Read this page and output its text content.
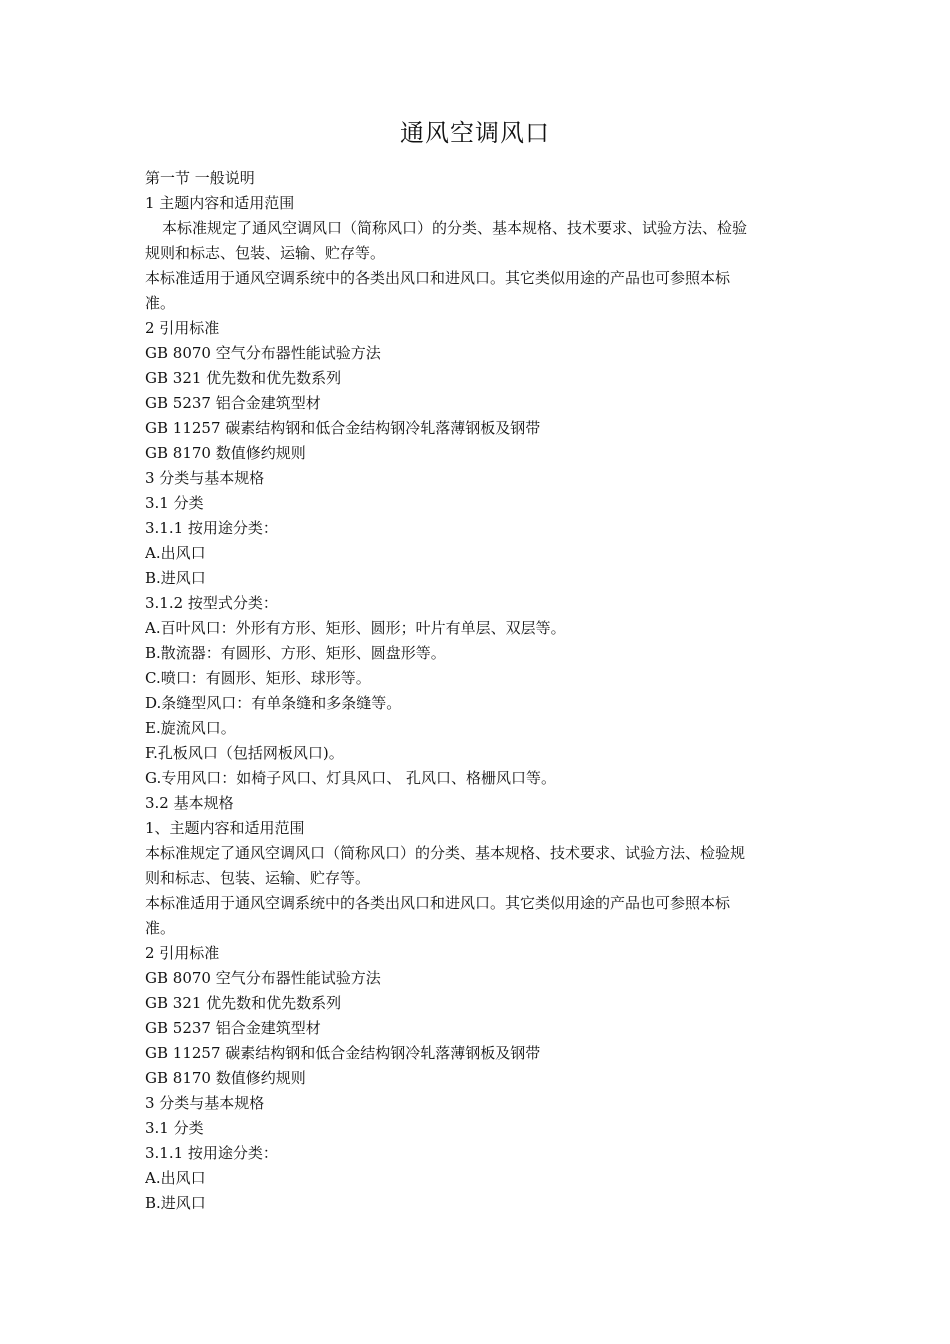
通风空调风口
第一节 一般说明
1 主题内容和适用范围
本标准规定了通风空调风口（简称风口）的分类、基本规格、技术要求、试验方法、检验
规则和标志、包装、运输、贮存等。
本标准适用于通风空调系统中的各类出风口和进风口。其它类似用途的产品也可参照本标
准。
2 引用标准
GB 8070 空气分布器性能试验方法
GB 321 优先数和优先数系列
GB 5237 铝合金建筑型材
GB 11257 碳素结构钢和低合金结构钢冷轧落薄钢板及钢带
GB 8170 数值修约规则
3 分类与基本规格
3.1 分类
3.1.1 按用途分类：
A.出风口
B.进风口
3.1.2 按型式分类：
A.百叶风口：外形有方形、矩形、圆形；叶片有单层、双层等。
B.散流器：有圆形、方形、矩形、圆盘形等。
C.喷口：有圆形、矩形、球形等。
D.条缝型风口：有单条缝和多条缝等。
E.旋流风口。
F.孔板风口（包括网板风口)。
G.专用风口：如椅子风口、灯具风口、 孔风口、格栅风口等。
3.2 基本规格
1、主题内容和适用范围
本标准规定了通风空调风口（简称风口）的分类、基本规格、技术要求、试验方法、检验规
则和标志、包装、运输、贮存等。
本标准适用于通风空调系统中的各类出风口和进风口。其它类似用途的产品也可参照本标
准。
2 引用标准
GB 8070 空气分布器性能试验方法
GB 321 优先数和优先数系列
GB 5237 铝合金建筑型材
GB 11257 碳素结构钢和低合金结构钢冷轧落薄钢板及钢带
GB 8170 数值修约规则
3 分类与基本规格
3.1 分类
3.1.1 按用途分类：
A.出风口
B.进风口
